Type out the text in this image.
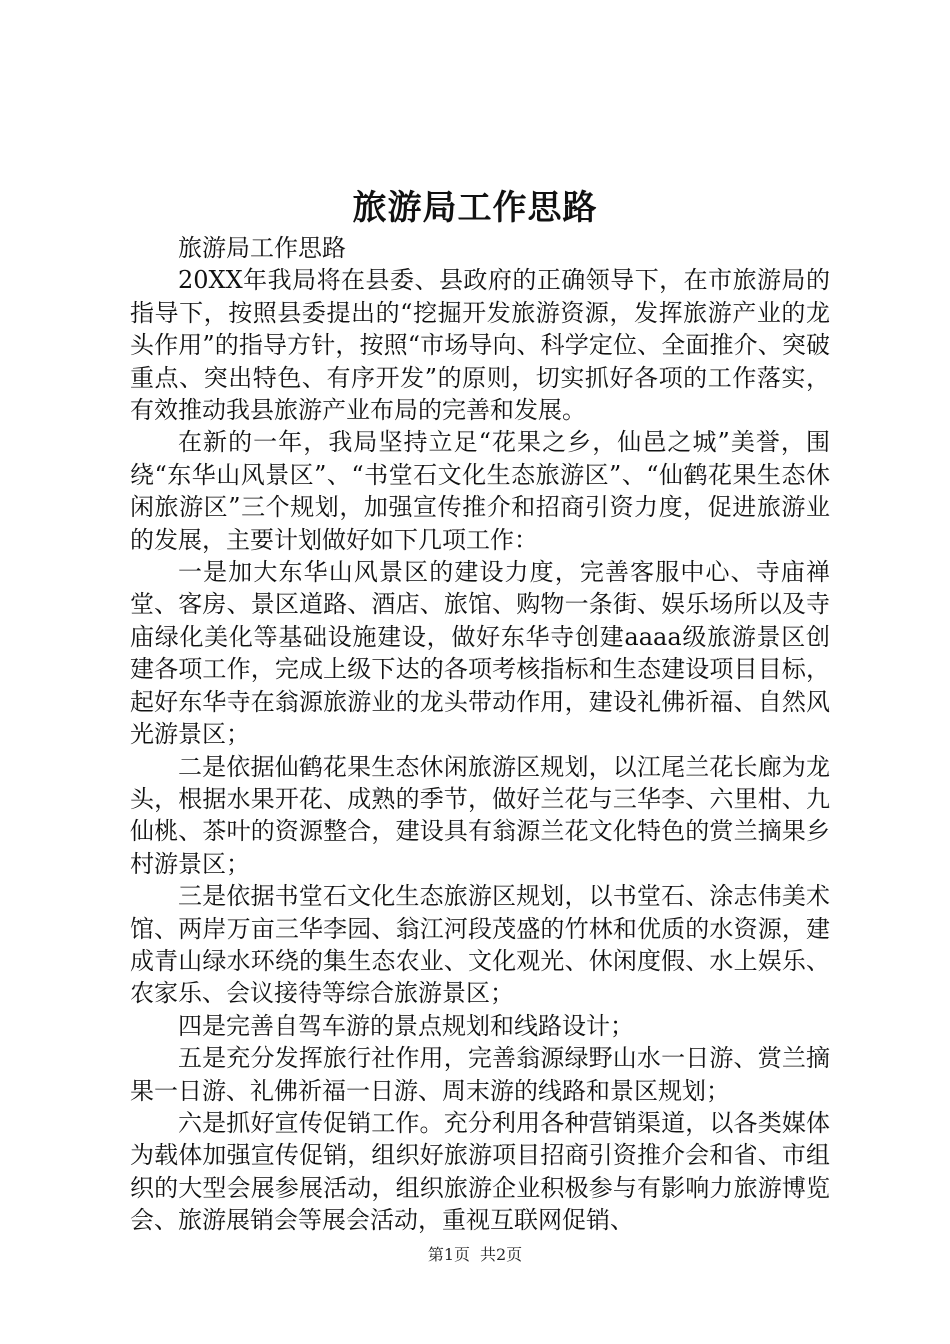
旅游局工作思路

旅游局工作思路

20XX年我局将在县委、县政府的正确领导下，在市旅游局的指导下，按照县委提出的“挖掘开发旅游资源，发挥旅游产业的龙头作用”的指导方针，按照“市场导向、科学定位、全面推介、突破重点、突出特色、有序开发”的原则，切实抓好各项的工作落实，有效推动我县旅游产业布局的完善和发展。

在新的一年，我局坚持立足“花果之乡，仙邑之城”美誉，围绕“东华山风景区”、“书堂石文化生态旅游区”、“仙鹤花果生态休闲旅游区”三个规划，加强宣传推介和招商引资力度，促进旅游业的发展，主要计划做好如下几项工作：

一是加大东华山风景区的建设力度，完善客服中心、寺庙禅堂、客房、景区道路、酒店、旅馆、购物一条街、娱乐场所以及寺庙绿化美化等基础设施建设，做好东华寺创建aaaa级旅游景区创建各项工作，完成上级下达的各项考核指标和生态建设项目目标，起好东华寺在翁源旅游业的龙头带动作用，建设礼佛祈福、自然风光游景区；

二是依据仙鹤花果生态休闲旅游区规划，以江尾兰花长廊为龙头，根据水果开花、成熟的季节，做好兰花与三华李、六里柑、九仙桃、茶叶的资源整合，建设具有翁源兰花文化特色的赏兰摘果乡村游景区；

三是依据书堂石文化生态旅游区规划，以书堂石、涂志伟美术馆、两岸万亩三华李园、翁江河段茂盛的竹林和优质的水资源，建成青山绿水环绕的集生态农业、文化观光、休闲度假、水上娱乐、农家乐、会议接待等综合旅游景区；

四是完善自驾车游的景点规划和线路设计；

五是充分发挥旅行社作用，完善翁源绿野山水一日游、赏兰摘果一日游、礼佛祈福一日游、周末游的线路和景区规划；

六是抓好宣传促销工作。充分利用各种营销渠道，以各类媒体为载体加强宣传促销，组织好旅游项目招商引资推介会和省、市组织的大型会展参展活动，组织旅游企业积极参与有影响力旅游博览会、旅游展销会等展会活动，重视互联网促销、

第1页 共2页
